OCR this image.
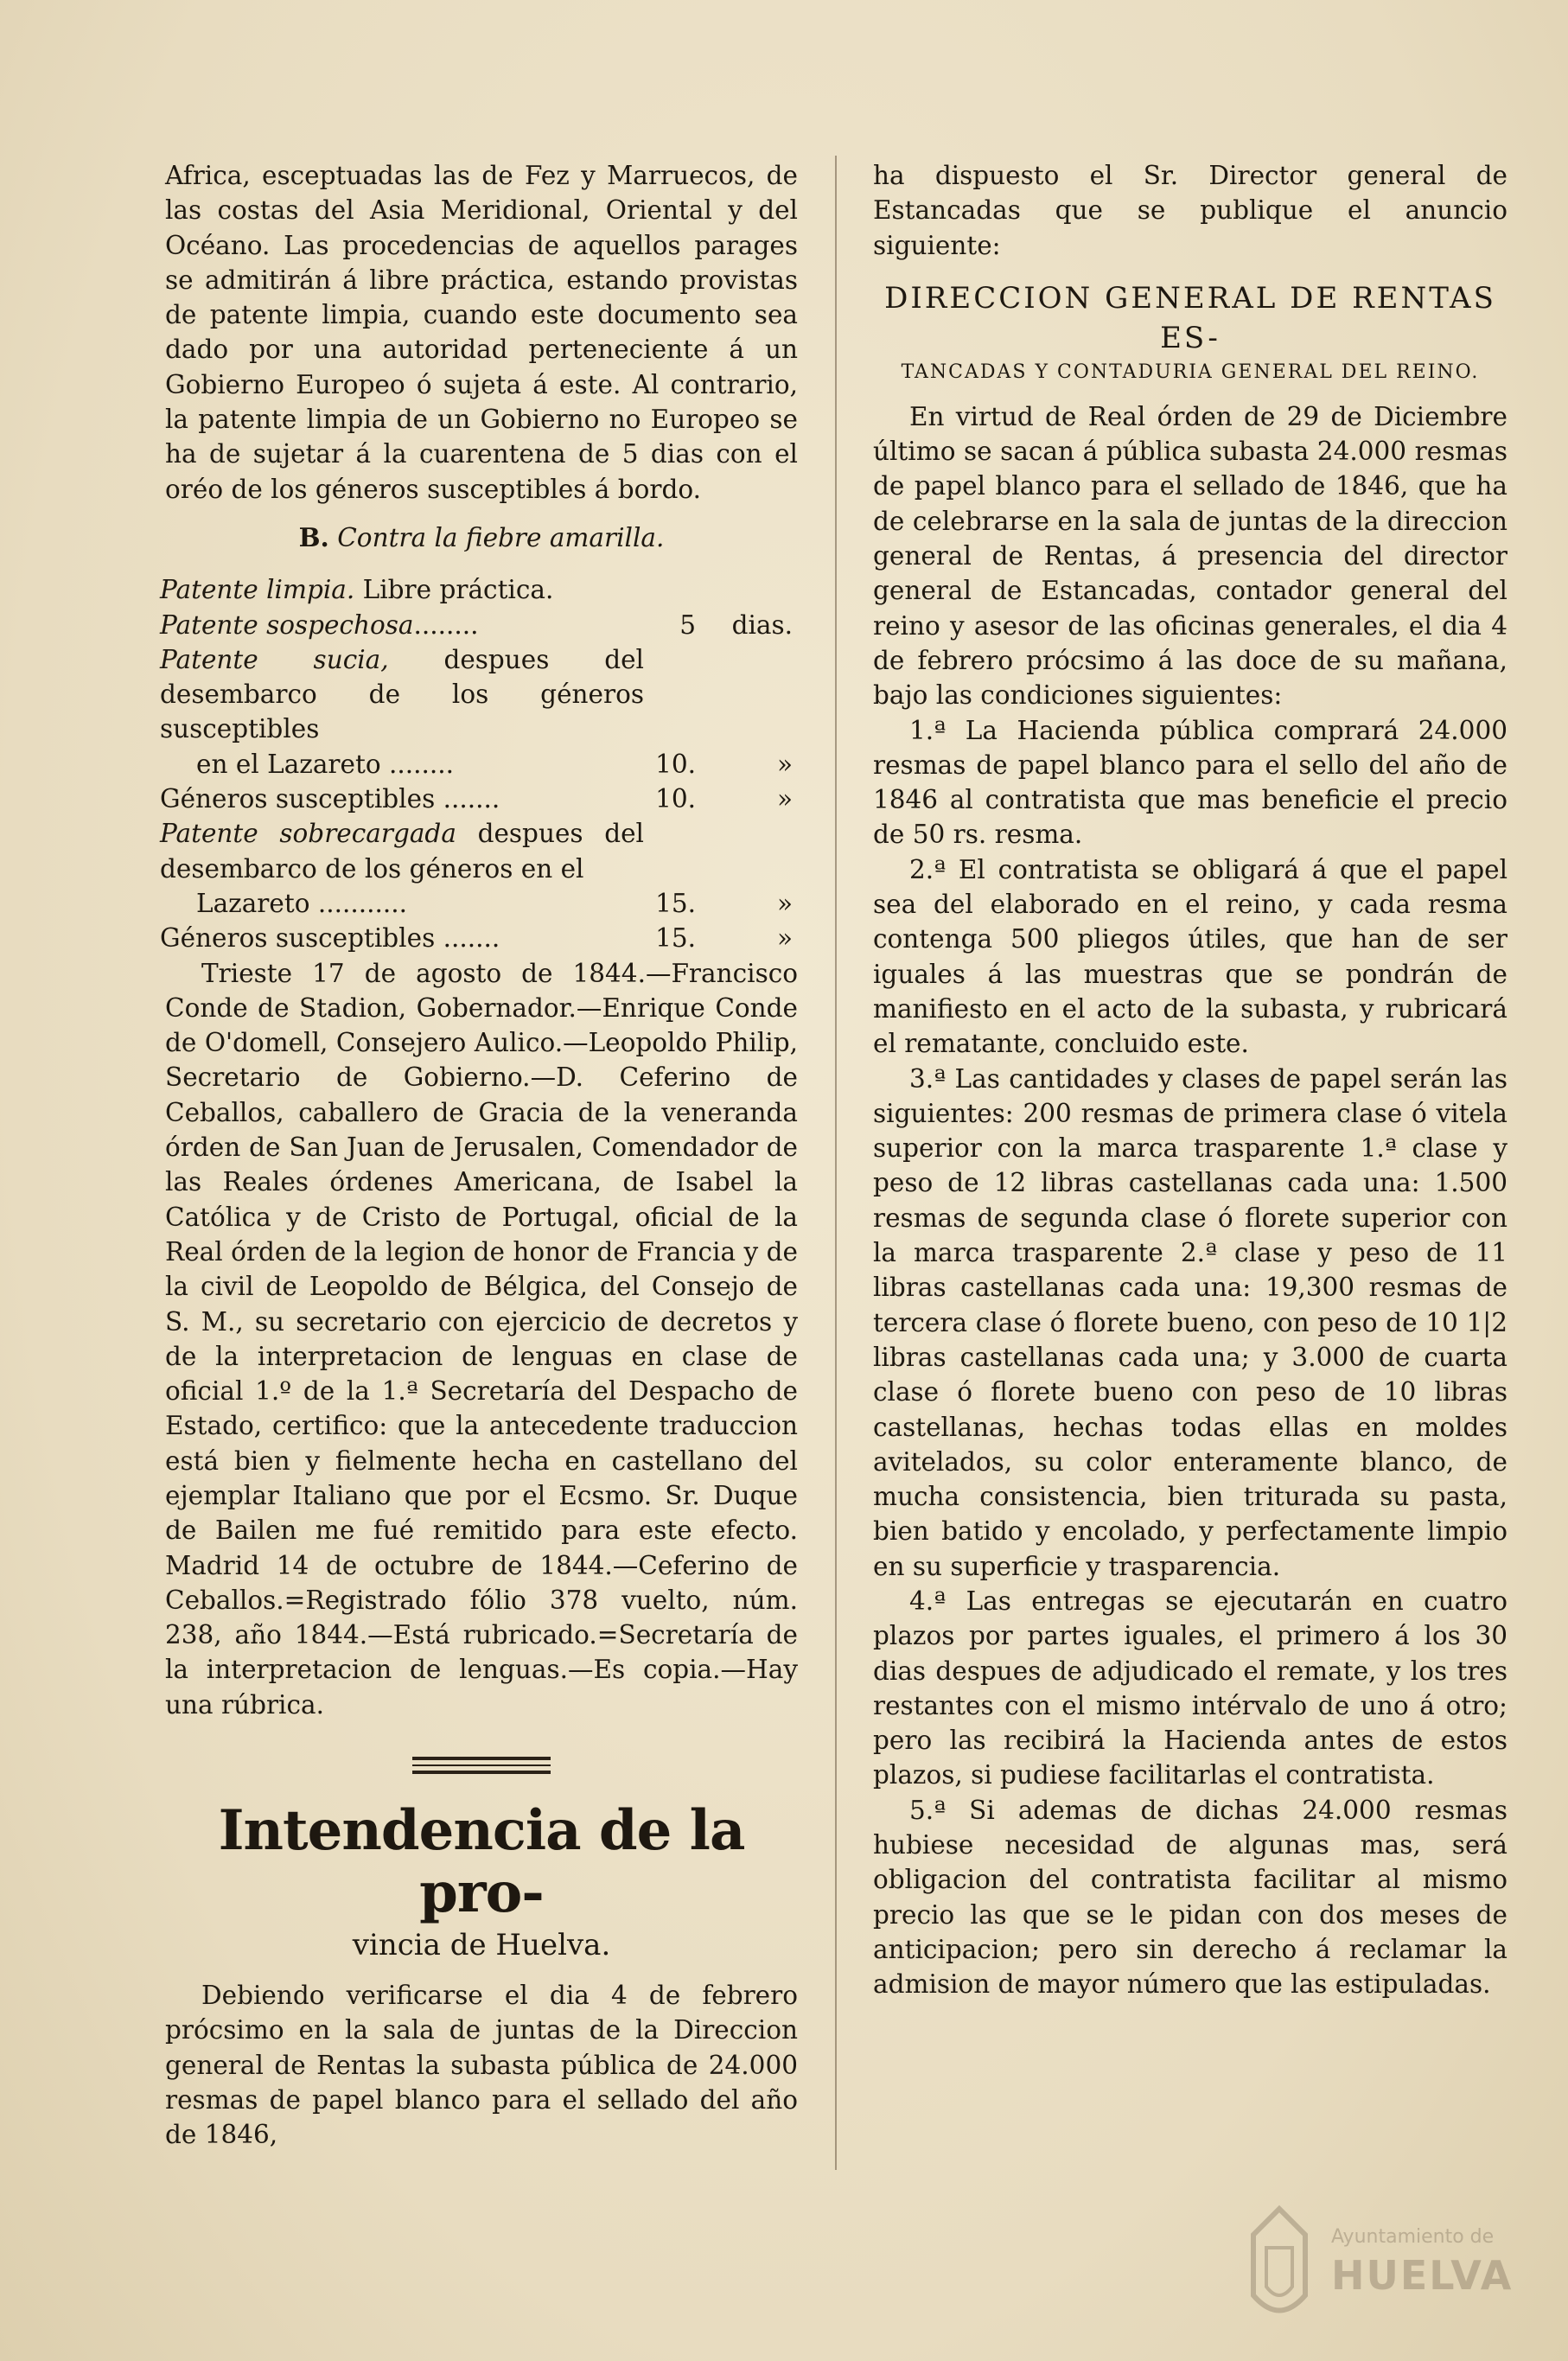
Africa, esceptuadas las de Fez y Marruecos, de las costas del Asia Meridional, Oriental y del Océano. Las procedencias de aquellos parages se admitirán á libre práctica, estando provistas de patente limpia, cuando este documento sea dado por una autoridad perteneciente á un Gobierno Europeo ó sujeta á este. Al contrario, la patente limpia de un Gobierno no Europeo se ha de sujetar á la cuarentena de 5 dias con el oréo de los géneros susceptibles á bordo.

B. Contra la fiebre amarilla.

Patente limpia. Libre práctica.		
Patente sospechosa........	5	dias.
Patente sucia, despues del desembarco de los géneros susceptibles
en el Lazareto ........	10.	»
Géneros susceptibles .......	10.	»
Patente sobrecargada despues del desembarco de los géneros en el
Lazareto ...........	15.	»
Géneros susceptibles .......	15.	»

Trieste 17 de agosto de 1844.—Francisco Conde de Stadion, Gobernador.—Enrique Conde de O'domell, Consejero Aulico.—Leopoldo Philip, Secretario de Gobierno.—D. Ceferino de Ceballos, caballero de Gracia de la veneranda órden de San Juan de Jerusalen, Comendador de las Reales órdenes Americana, de Isabel la Católica y de Cristo de Portugal, oficial de la Real órden de la legion de honor de Francia y de la civil de Leopoldo de Bélgica, del Consejo de S. M., su secretario con ejercicio de decretos y de la interpretacion de lenguas en clase de oficial 1.º de la 1.ª Secretaría del Despacho de Estado, certifico: que la antecedente traduccion está bien y fielmente hecha en castellano del ejemplar Italiano que por el Ecsmo. Sr. Duque de Bailen me fué remitido para este efecto. Madrid 14 de octubre de 1844.—Ceferino de Ceballos.=Registrado fólio 378 vuelto, núm. 238, año 1844.—Está rubricado.=Secretaría de la interpretacion de lenguas.—Es copia.—Hay una rúbrica.

Intendencia de la pro-
vincia de Huelva.

Debiendo verificarse el dia 4 de febrero prócsimo en la sala de juntas de la Direccion general de Rentas la subasta pública de 24.000 resmas de papel blanco para el sellado del año de 1846,

ha dispuesto el Sr. Director general de Estancadas que se publique el anuncio siguiente:

DIRECCION GENERAL DE RENTAS ES-
TANCADAS Y CONTADURIA GENERAL DEL REINO.

En virtud de Real órden de 29 de Diciembre último se sacan á pública subasta 24.000 resmas de papel blanco para el sellado de 1846, que ha de celebrarse en la sala de juntas de la direccion general de Rentas, á presencia del director general de Estancadas, contador general del reino y asesor de las oficinas generales, el dia 4 de febrero prócsimo á las doce de su mañana, bajo las condiciones siguientes:

1.ª La Hacienda pública comprará 24.000 resmas de papel blanco para el sello del año de 1846 al contratista que mas beneficie el precio de 50 rs. resma.

2.ª El contratista se obligará á que el papel sea del elaborado en el reino, y cada resma contenga 500 pliegos útiles, que han de ser iguales á las muestras que se pondrán de manifiesto en el acto de la subasta, y rubricará el rematante, concluido este.

3.ª Las cantidades y clases de papel serán las siguientes: 200 resmas de primera clase ó vitela superior con la marca trasparente 1.ª clase y peso de 12 libras castellanas cada una: 1.500 resmas de segunda clase ó florete superior con la marca trasparente 2.ª clase y peso de 11 libras castellanas cada una: 19,300 resmas de tercera clase ó florete bueno, con peso de 10 1|2 libras castellanas cada una; y 3.000 de cuarta clase ó florete bueno con peso de 10 libras castellanas, hechas todas ellas en moldes avitelados, su color enteramente blanco, de mucha consistencia, bien triturada su pasta, bien batido y encolado, y perfectamente limpio en su superficie y trasparencia.

4.ª Las entregas se ejecutarán en cuatro plazos por partes iguales, el primero á los 30 dias despues de adjudicado el remate, y los tres restantes con el mismo intérvalo de uno á otro; pero las recibirá la Hacienda antes de estos plazos, si pudiese facilitarlas el contratista.

5.ª Si ademas de dichas 24.000 resmas hubiese necesidad de algunas mas, será obligacion del contratista facilitar al mismo precio las que se le pidan con dos meses de anticipacion; pero sin derecho á reclamar la admision de mayor número que las estipuladas.

Ayuntamiento de
HUELVA
